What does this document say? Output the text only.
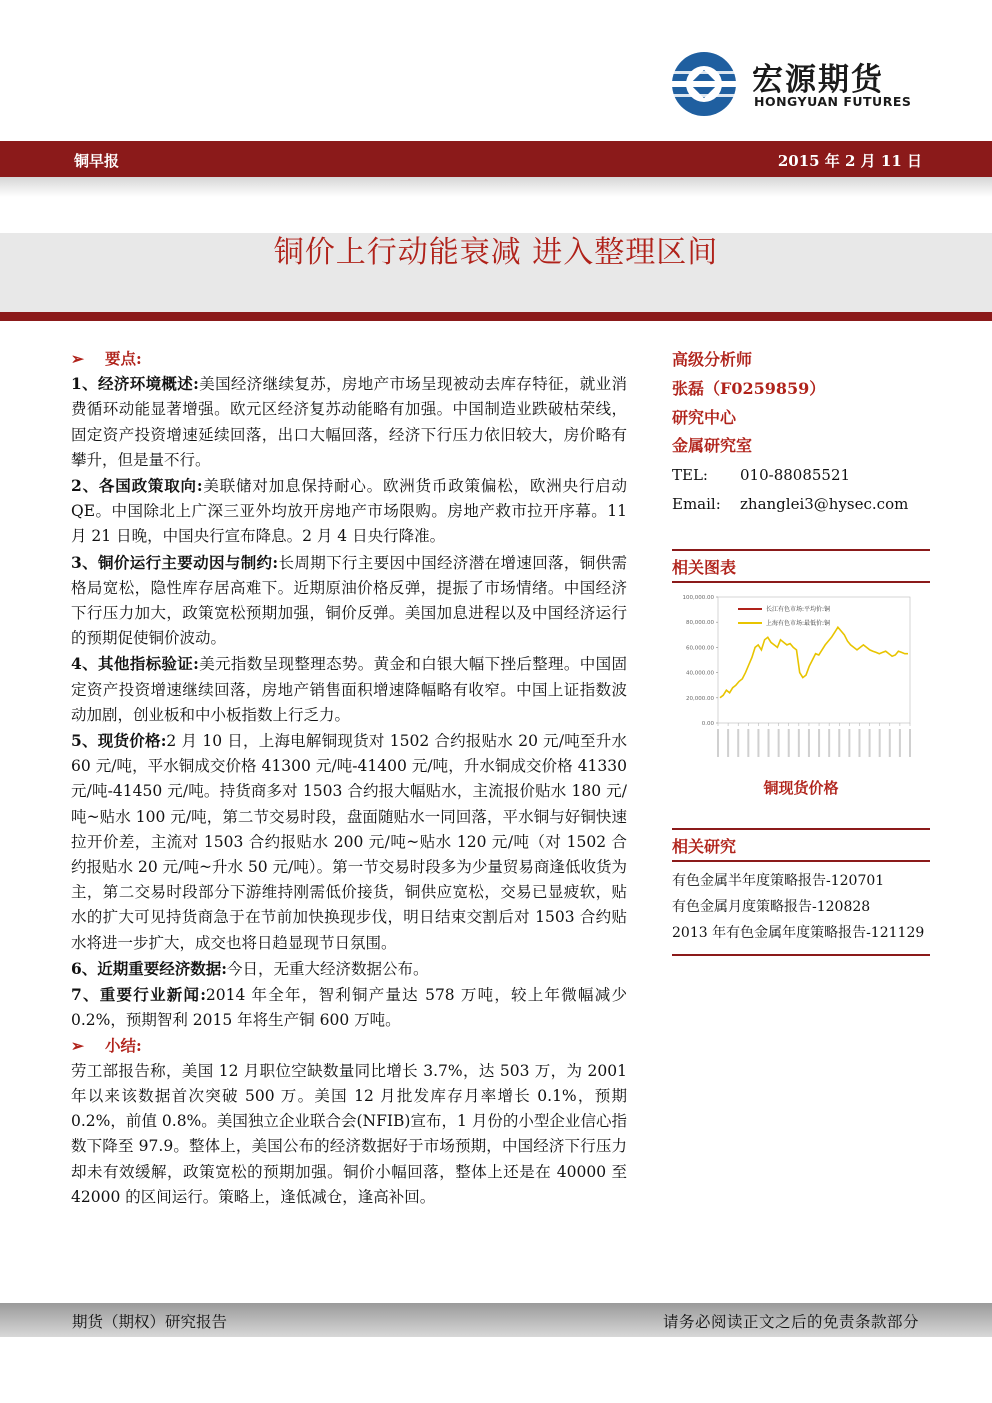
宏源期货
HONGYUAN FUTURES
铜早报	2015 年 2 月 11 日
铜价上行动能衰减 进入整理区间

➢ 要点:

1、经济环境概述:美国经济继续复苏，房地产市场呈现被动去库存特征，就业消费循环动能显著增强。欧元区经济复苏动能略有加强。中国制造业跌破枯荣线，固定资产投资增速延续回落，出口大幅回落，经济下行压力依旧较大，房价略有攀升，但是量不行。

2、各国政策取向:美联储对加息保持耐心。欧洲货币政策偏松，欧洲央行启动 QE。中国除北上广深三亚外均放开房地产市场限购。房地产救市拉开序幕。11 月 21 日晚，中国央行宣布降息。2 月 4 日央行降准。

3、铜价运行主要动因与制约:长周期下行主要因中国经济潜在增速回落，铜供需格局宽松，隐性库存居高难下。近期原油价格反弹，提振了市场情绪。中国经济下行压力加大，政策宽松预期加强，铜价反弹。美国加息进程以及中国经济运行的预期促使铜价波动。

4、其他指标验证:美元指数呈现整理态势。黄金和白银大幅下挫后整理。中国固定资产投资增速继续回落，房地产销售面积增速降幅略有收窄。中国上证指数波动加剧，创业板和中小板指数上行乏力。

5、现货价格:2 月 10 日，上海电解铜现货对 1502 合约报贴水 20 元/吨至升水 60 元/吨，平水铜成交价格 41300 元/吨-41400 元/吨，升水铜成交价格 41330 元/吨-41450 元/吨。持货商多对 1503 合约报大幅贴水，主流报价贴水 180 元/吨~贴水 100 元/吨，第二节交易时段，盘面随贴水一同回落，平水铜与好铜快速拉开价差，主流对 1503 合约报贴水 200 元/吨~贴水 120 元/吨（对 1502 合约报贴水 20 元/吨~升水 50 元/吨）。第一节交易时段多为少量贸易商逢低收货为主，第二交易时段部分下游维持刚需低价接货，铜供应宽松，交易已显疲软，贴水的扩大可见持货商急于在节前加快换现步伐，明日结束交割后对 1503 合约贴水将进一步扩大，成交也将日趋显现节日氛围。

6、近期重要经济数据:今日，无重大经济数据公布。

7、重要行业新闻:2014 年全年，智利铜产量达 578 万吨，较上年微幅减少 0.2%，预期智利 2015 年将生产铜 600 万吨。

➢ 小结:

劳工部报告称，美国 12 月职位空缺数量同比增长 3.7%，达 503 万，为 2001 年以来该数据首次突破 500 万。美国 12 月批发库存月率增长 0.1%，预期 0.2%，前值 0.8%。美国独立企业联合会(NFIB)宣布，1 月份的小型企业信心指数下降至 97.9。整体上，美国公布的经济数据好于市场预期，中国经济下行压力却未有效缓解，政策宽松的预期加强。铜价小幅回落，整体上还是在 40000 至 42000 的区间运行。策略上，逢低减仓，逢高补回。

高级分析师
张磊（F0259859）
研究中心
金属研究室
TEL:	010-88085521
Email:	zhanglei3@hysec.com
相关图表
100,000.00
80,000.00
60,000.00
40,000.00
20,000.00
0.00
长江有色市场:平均价:铜
上海有色市场:最低价:铜
铜现货价格
相关研究
有色金属半年度策略报告-120701
有色金属月度策略报告-120828
2013 年有色金属年度策略报告-121129
期货（期权）研究报告	请务必阅读正文之后的免责条款部分
